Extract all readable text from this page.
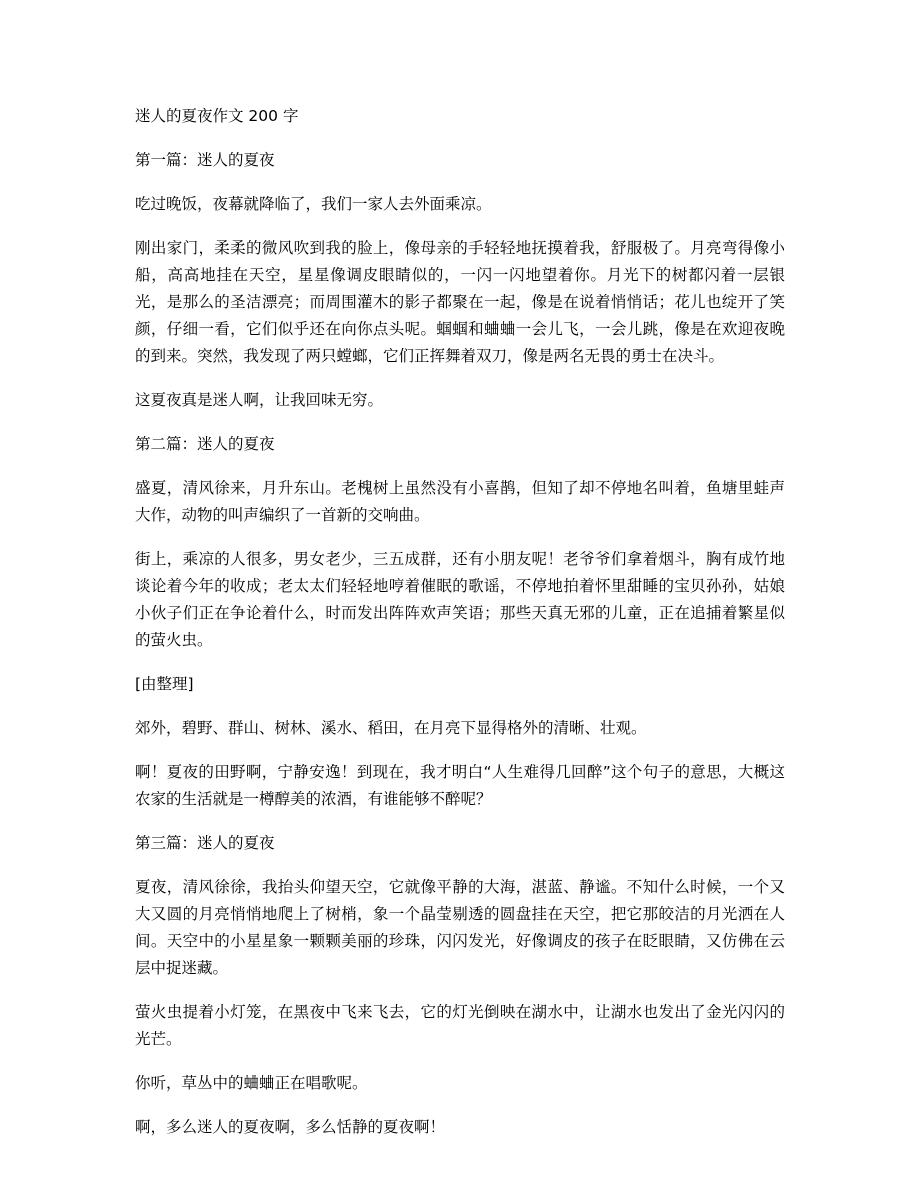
迷人的夏夜作文 200 字

第一篇：迷人的夏夜

吃过晚饭，夜幕就降临了，我们一家人去外面乘凉。

刚出家门，柔柔的微风吹到我的脸上，像母亲的手轻轻地抚摸着我，舒服极了。月亮弯得像小船，高高地挂在天空，星星像调皮眼睛似的，一闪一闪地望着你。月光下的树都闪着一层银光，是那么的圣洁漂亮；而周围灌木的影子都聚在一起，像是在说着悄悄话；花儿也绽开了笑颜，仔细一看，它们似乎还在向你点头呢。蝈蝈和蛐蛐一会儿飞，一会儿跳，像是在欢迎夜晚的到来。突然，我发现了两只螳螂，它们正挥舞着双刀，像是两名无畏的勇士在决斗。

这夏夜真是迷人啊，让我回味无穷。

第二篇：迷人的夏夜

盛夏，清风徐来，月升东山。老槐树上虽然没有小喜鹊，但知了却不停地名叫着，鱼塘里蛙声大作，动物的叫声编织了一首新的交响曲。

街上，乘凉的人很多，男女老少，三五成群，还有小朋友呢！老爷爷们拿着烟斗，胸有成竹地谈论着今年的收成；老太太们轻轻地哼着催眠的歌谣，不停地拍着怀里甜睡的宝贝孙孙，姑娘小伙子们正在争论着什么，时而发出阵阵欢声笑语；那些天真无邪的儿童，正在追捕着繁星似的萤火虫。

[由整理]

郊外，碧野、群山、树林、溪水、稻田，在月亮下显得格外的清晰、壮观。

啊！夏夜的田野啊，宁静安逸！到现在，我才明白“人生难得几回醉”这个句子的意思，大概这农家的生活就是一樽醇美的浓酒，有谁能够不醉呢？

第三篇：迷人的夏夜

夏夜，清风徐徐，我抬头仰望天空，它就像平静的大海，湛蓝、静谧。不知什么时候，一个又大又圆的月亮悄悄地爬上了树梢，象一个晶莹剔透的圆盘挂在天空，把它那皎洁的月光洒在人间。天空中的小星星象一颗颗美丽的珍珠，闪闪发光，好像调皮的孩子在眨眼睛，又仿佛在云层中捉迷藏。

萤火虫提着小灯笼，在黑夜中飞来飞去，它的灯光倒映在湖水中，让湖水也发出了金光闪闪的光芒。

你听，草丛中的蛐蛐正在唱歌呢。

啊，多么迷人的夏夜啊，多么恬静的夏夜啊！
